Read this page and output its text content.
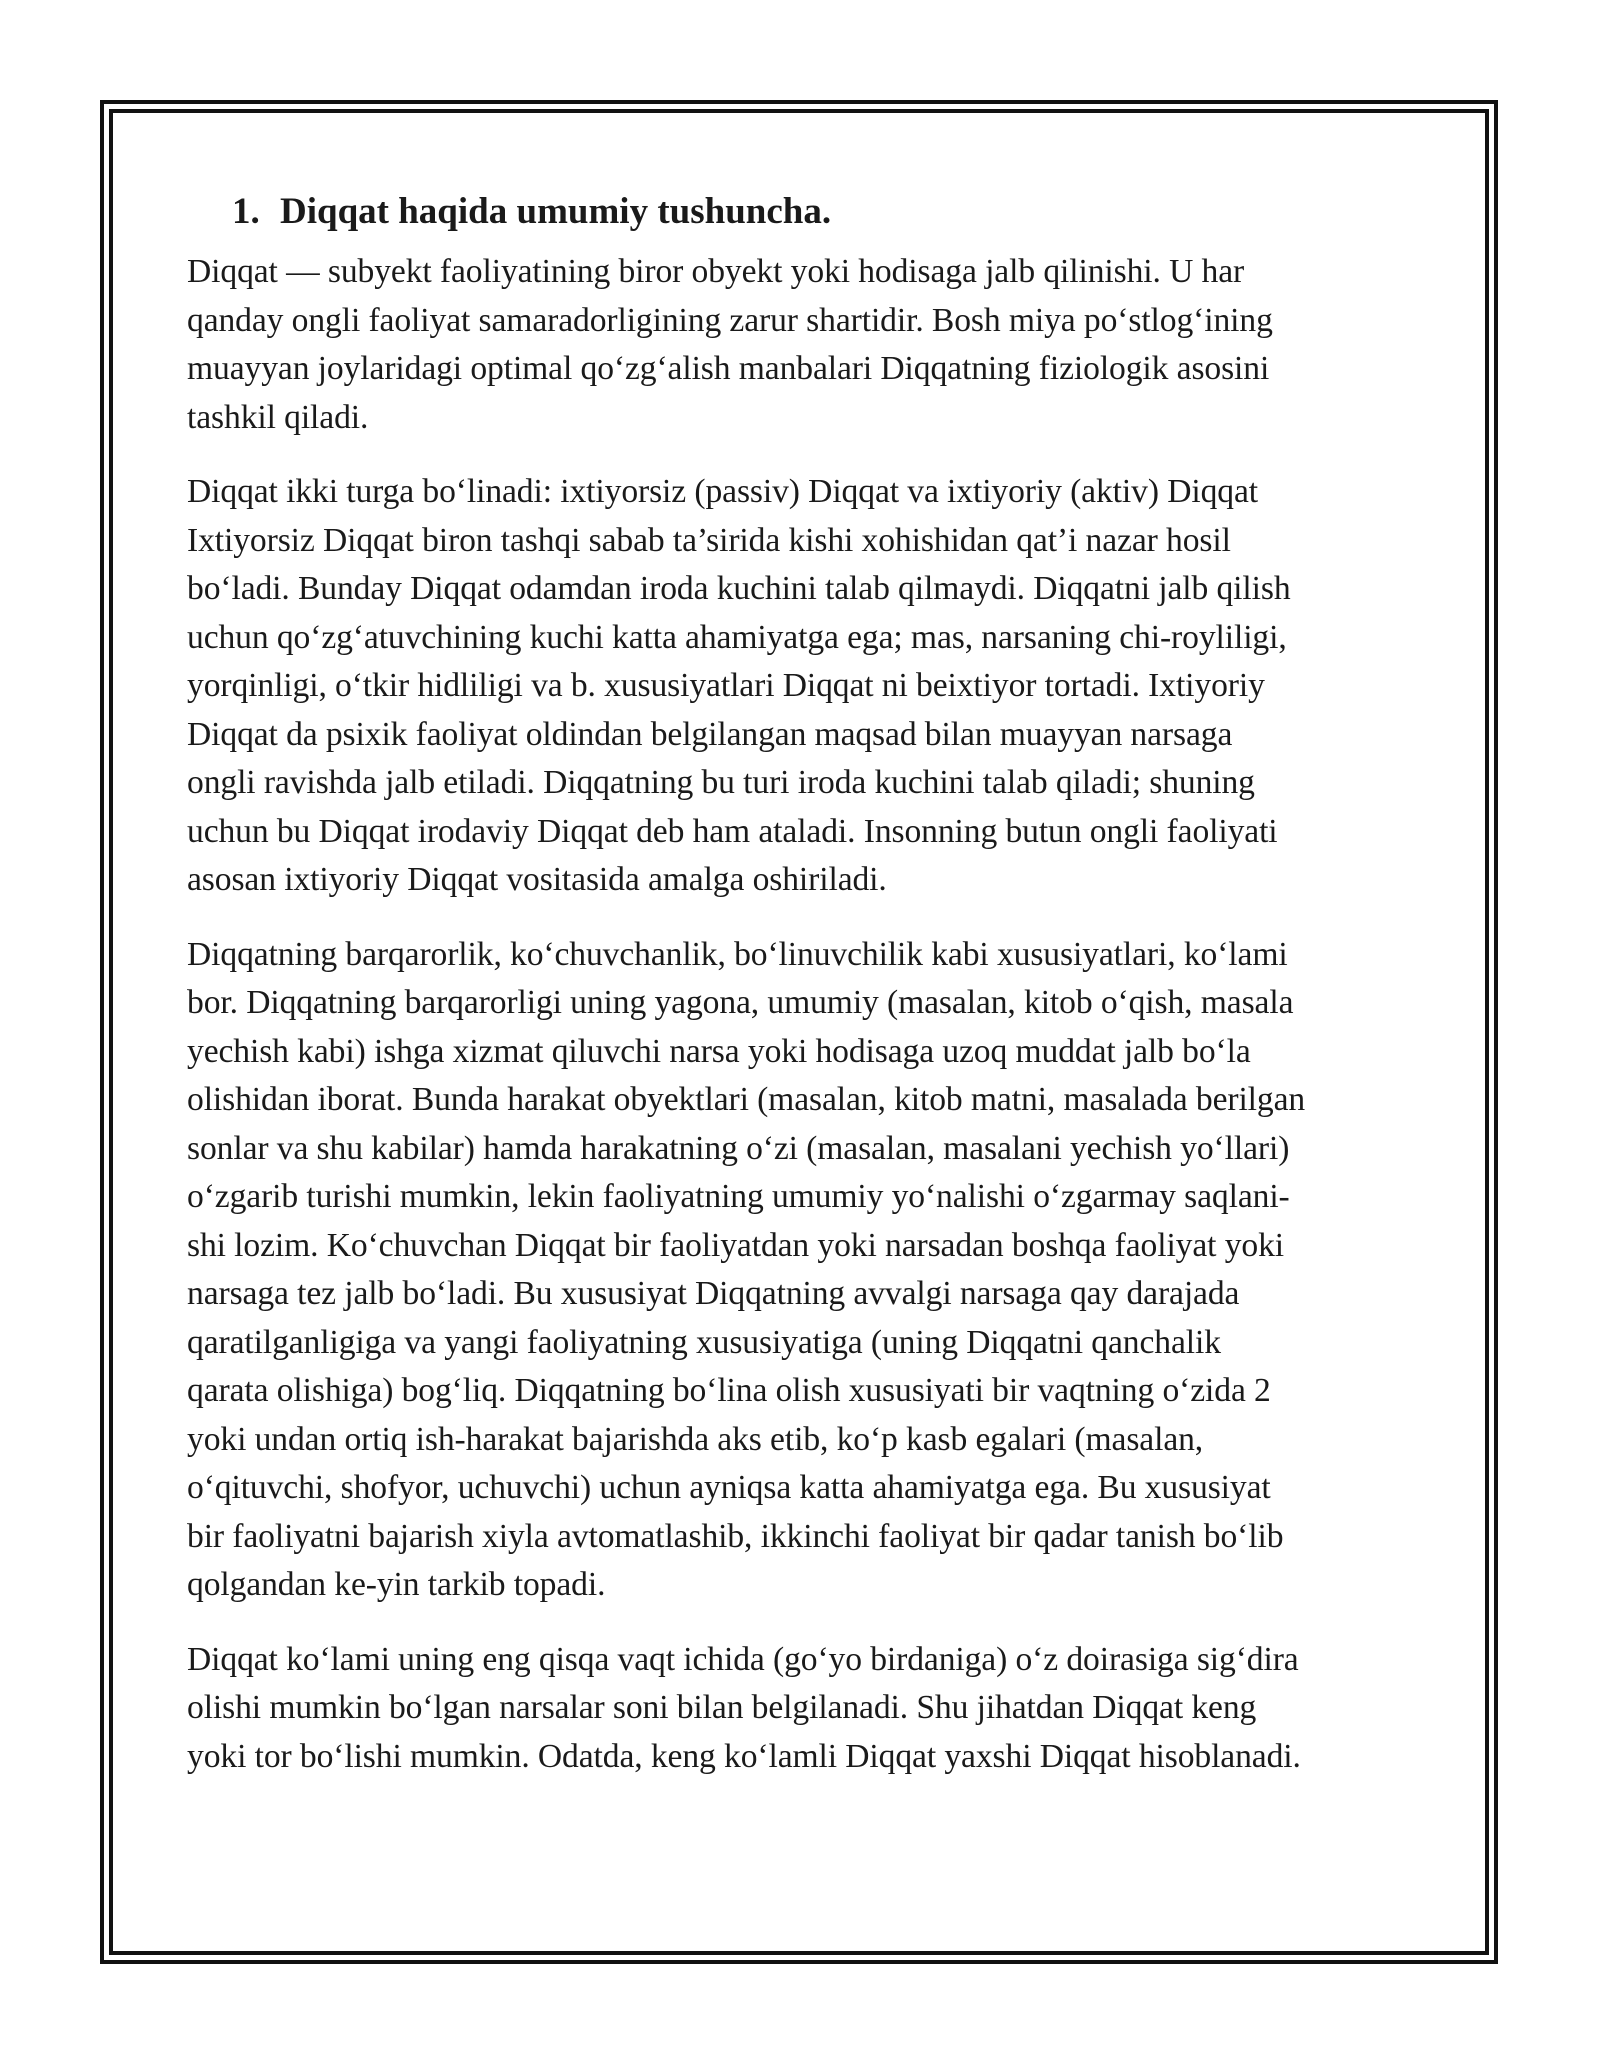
1. Diqqat haqida umumiy tushuncha.
Diqqat — subyekt faoliyatining biror obyekt yoki hodisaga jalb qilinishi. U har
qanday ongli faoliyat samaradorligining zarur shartidir. Bosh miya po‘stlog‘ining
muayyan joylaridagi optimal qo‘zg‘alish manbalari Diqqatning fiziologik asosini
tashkil qiladi.
Diqqat ikki turga bo‘linadi: ixtiyorsiz (passiv) Diqqat va ixtiyoriy (aktiv) Diqqat
Ixtiyorsiz Diqqat biron tashqi sabab ta’sirida kishi xohishidan qat’i nazar hosil
bo‘ladi. Bunday Diqqat odamdan iroda kuchini talab qilmaydi. Diqqatni jalb qilish
uchun qo‘zg‘atuvchining kuchi katta ahamiyatga ega; mas, narsaning chi-royliligi,
yorqinligi, o‘tkir hidliligi va b. xususiyatlari Diqqat ni beixtiyor tortadi. Ixtiyoriy
Diqqat da psixik faoliyat oldindan belgilangan maqsad bilan muayyan narsaga
ongli ravishda jalb etiladi. Diqqatning bu turi iroda kuchini talab qiladi; shuning
uchun bu Diqqat irodaviy Diqqat deb ham ataladi. Insonning butun ongli faoliyati
asosan ixtiyoriy Diqqat vositasida amalga oshiriladi.
Diqqatning barqarorlik, ko‘chuvchanlik, bo‘linuvchilik kabi xususiyatlari, ko‘lami
bor. Diqqatning barqarorligi uning yagona, umumiy (masalan, kitob o‘qish, masala
yechish kabi) ishga xizmat qiluvchi narsa yoki hodisaga uzoq muddat jalb bo‘la
olishidan iborat. Bunda harakat obyektlari (masalan, kitob matni, masalada berilgan
sonlar va shu kabilar) hamda harakatning o‘zi (masalan, masalani yechish yo‘llari)
o‘zgarib turishi mumkin, lekin faoliyatning umumiy yo‘nalishi o‘zgarmay saqlani-
shi lozim. Ko‘chuvchan Diqqat bir faoliyatdan yoki narsadan boshqa faoliyat yoki
narsaga tez jalb bo‘ladi. Bu xususiyat Diqqatning avvalgi narsaga qay darajada
qaratilganligiga va yangi faoliyatning xususiyatiga (uning Diqqatni qanchalik
qarata olishiga) bog‘liq. Diqqatning bo‘lina olish xususiyati bir vaqtning o‘zida 2
yoki undan ortiq ish-harakat bajarishda aks etib, ko‘p kasb egalari (masalan,
o‘qituvchi, shofyor, uchuvchi) uchun ayniqsa katta ahamiyatga ega. Bu xususiyat
bir faoliyatni bajarish xiyla avtomatlashib, ikkinchi faoliyat bir qadar tanish bo‘lib
qolgandan ke-yin tarkib topadi.
Diqqat ko‘lami uning eng qisqa vaqt ichida (go‘yo birdaniga) o‘z doirasiga sig‘dira
olishi mumkin bo‘lgan narsalar soni bilan belgilanadi. Shu jihatdan Diqqat keng
yoki tor bo‘lishi mumkin. Odatda, keng ko‘lamli Diqqat yaxshi Diqqat hisoblanadi.
